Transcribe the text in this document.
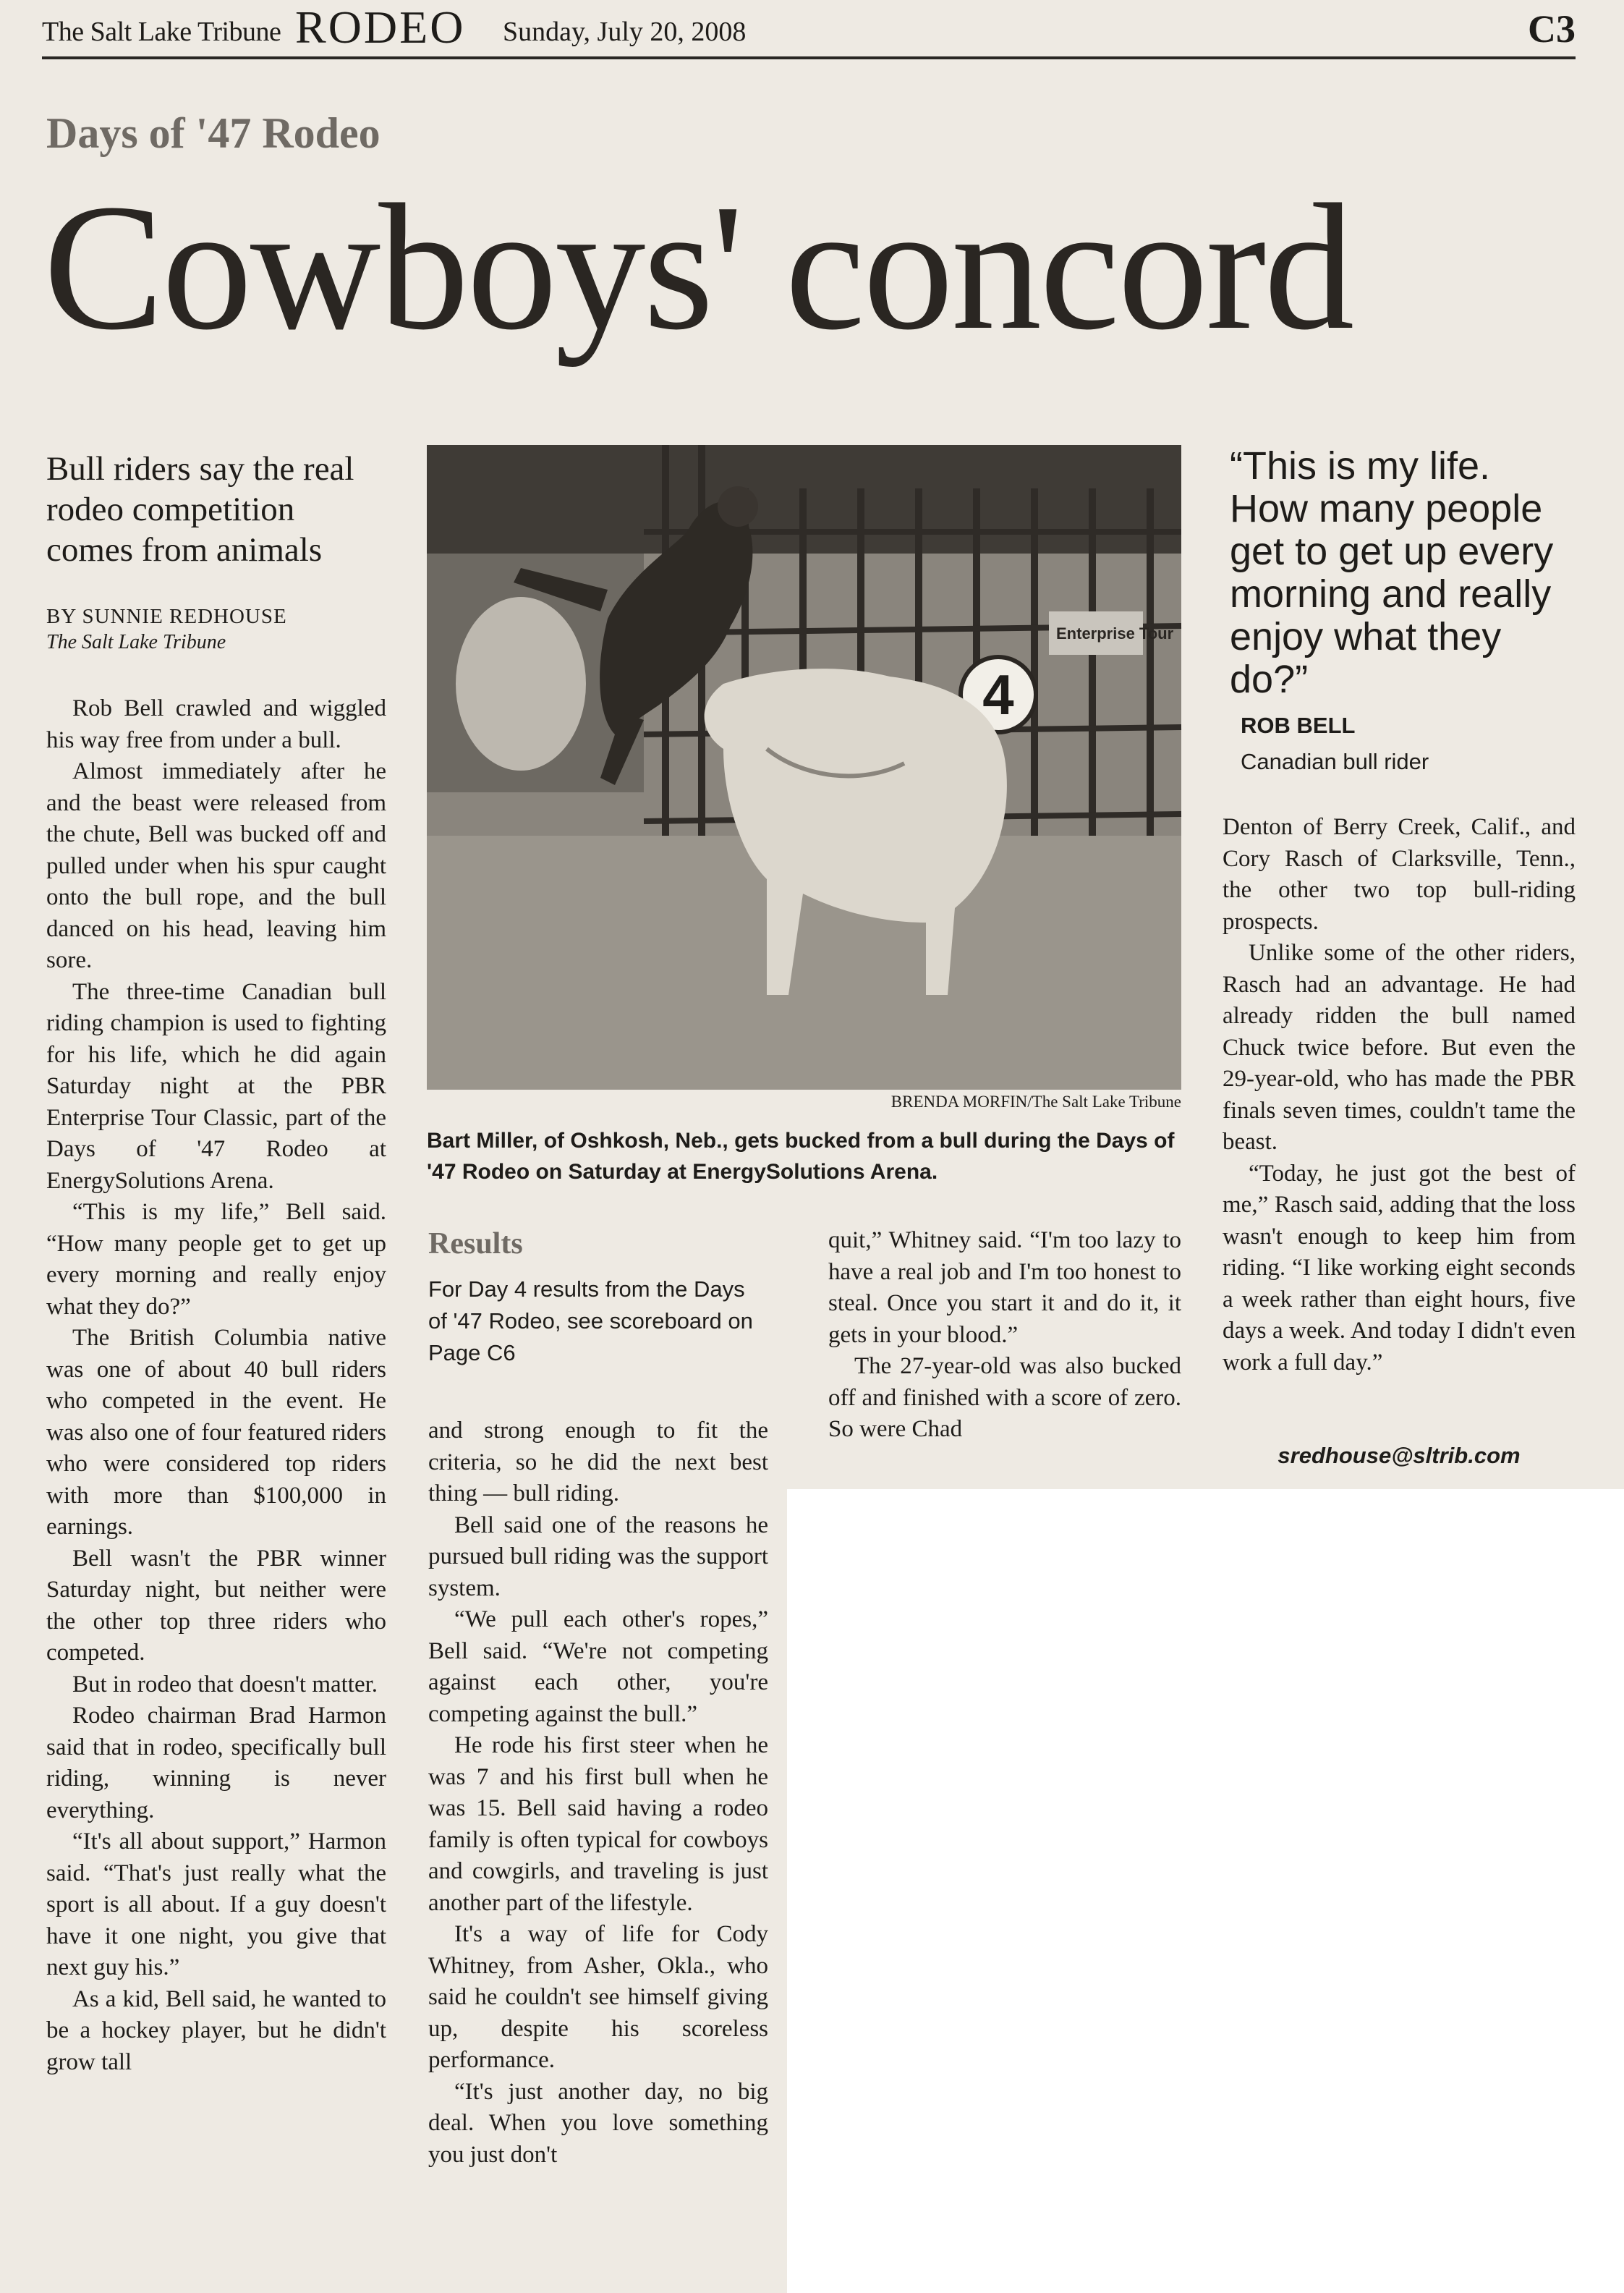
The Salt Lake Tribune RODEO Sunday, July 20, 2008	C3
Days of '47 Rodeo
Cowboys' concord
Bull riders say the real rodeo competition comes from animals
BY SUNNIE REDHOUSE
The Salt Lake Tribune

Rob Bell crawled and wiggled his way free from under a bull.

Almost immediately after he and the beast were released from the chute, Bell was bucked off and pulled under when his spur caught onto the bull rope, and the bull danced on his head, leaving him sore.

The three-time Canadian bull riding champion is used to fighting for his life, which he did again Saturday night at the PBR Enterprise Tour Classic, part of the Days of '47 Rodeo at EnergySolutions Arena.

“This is my life,” Bell said. “How many people get to get up every morning and really enjoy what they do?”

The British Columbia native was one of about 40 bull riders who competed in the event. He was also one of four featured riders who were considered top riders with more than $100,000 in earnings.

Bell wasn't the PBR winner Saturday night, but neither were the other top three riders who competed.

But in rodeo that doesn't matter.

Rodeo chairman Brad Harmon said that in rodeo, specifically bull riding, winning is never everything.

“It's all about support,” Harmon said. “That's just really what the sport is all about. If a guy doesn't have it one night, you give that next guy his.”

As a kid, Bell said, he wanted to be a hockey player, but he didn't grow tall

Enterprise Tour
4
BRENDA MORFIN/The Salt Lake Tribune
Bart Miller, of Oshkosh, Neb., gets bucked from a bull during the Days of '47 Rodeo on Saturday at EnergySolutions Arena.
Results
For Day 4 results from the Days of '47 Rodeo, see scoreboard on Page C6

and strong enough to fit the criteria, so he did the next best thing — bull riding.

Bell said one of the reasons he pursued bull riding was the support system.

“We pull each other's ropes,” Bell said. “We're not competing against each other, you're competing against the bull.”

He rode his first steer when he was 7 and his first bull when he was 15. Bell said having a rodeo family is often typical for cowboys and cowgirls, and traveling is just another part of the lifestyle.

It's a way of life for Cody Whitney, from Asher, Okla., who said he couldn't see himself giving up, despite his scoreless performance.

“It's just another day, no big deal. When you love something you just don't

quit,” Whitney said. “I'm too lazy to have a real job and I'm too honest to steal. Once you start it and do it, it gets in your blood.”

The 27-year-old was also bucked off and finished with a score of zero. So were Chad

“This is my life. How many people get to get up every morning and really enjoy what they do?”
ROB BELL
Canadian bull rider

Denton of Berry Creek, Calif., and Cory Rasch of Clarksville, Tenn., the other two top bull-riding prospects.

Unlike some of the other riders, Rasch had an advantage. He had already ridden the bull named Chuck twice before. But even the 29-year-old, who has made the PBR finals seven times, couldn't tame the beast.

“Today, he just got the best of me,” Rasch said, adding that the loss wasn't enough to keep him from riding. “I like working eight seconds a week rather than eight hours, five days a week. And today I didn't even work a full day.”

sredhouse@sltrib.com
